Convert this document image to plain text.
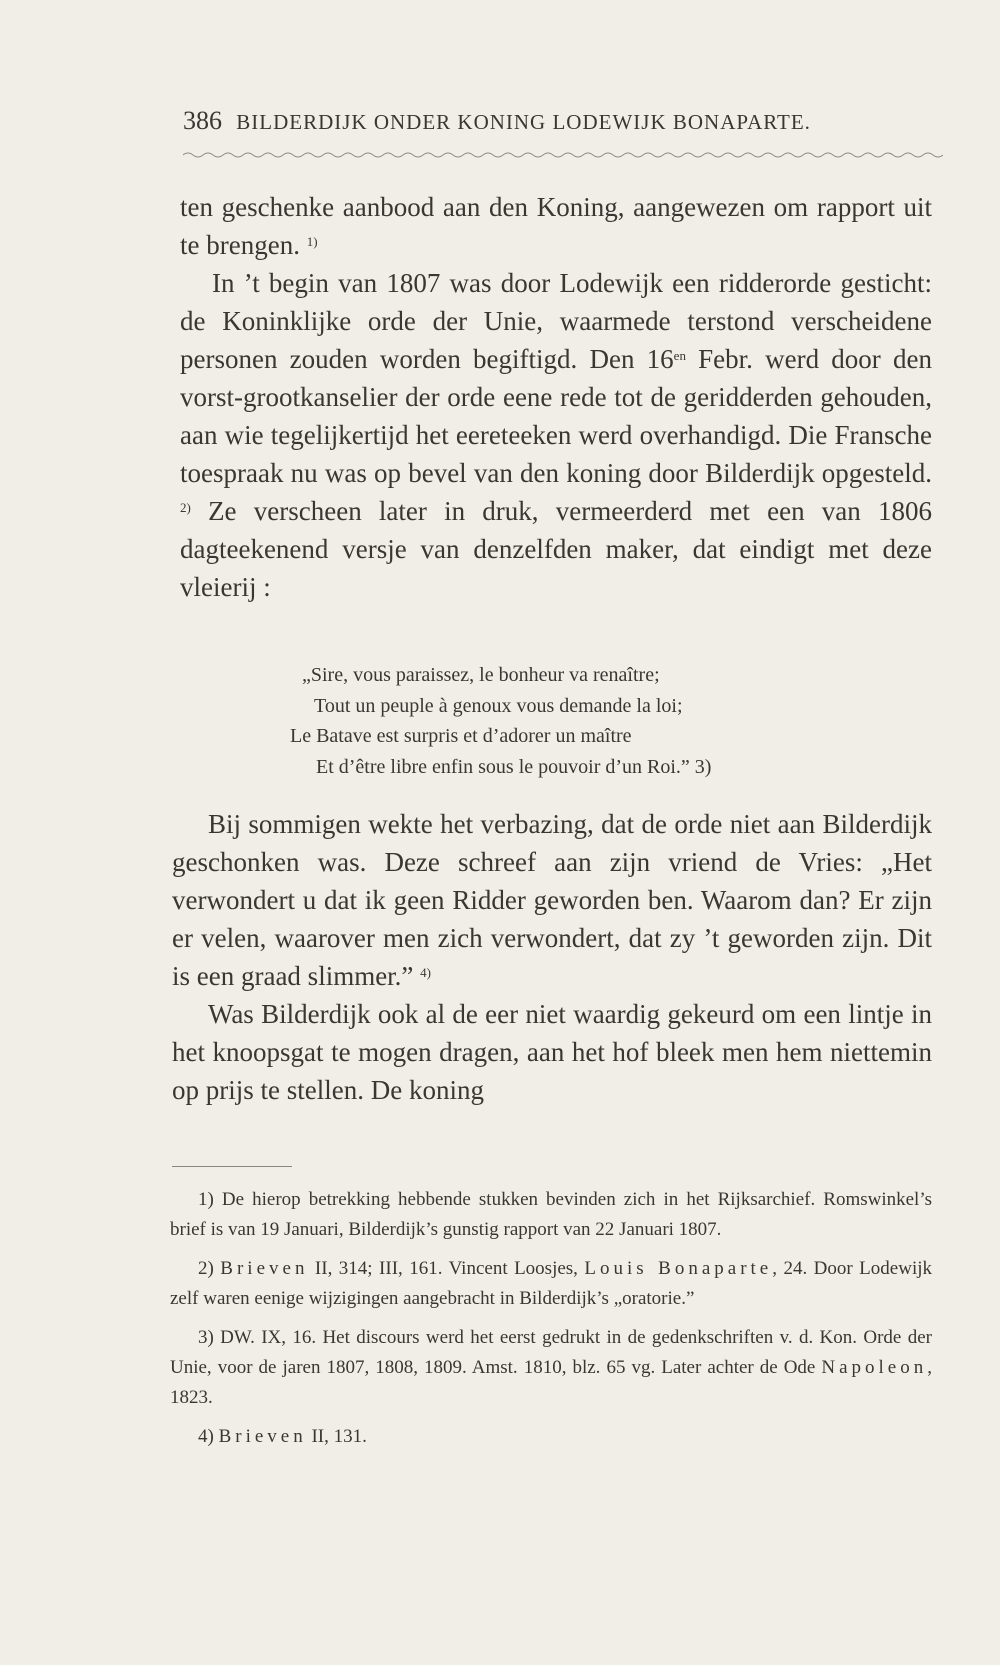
386 BILDERDIJK ONDER KONING LODEWIJK BONAPARTE.

ten geschenke aanbood aan den Koning, aangewezen om rapport uit te brengen. $^{1)}$

In ’t begin van 1807 was door Lodewijk een ridderorde gesticht: de Koninklijke orde der Unie, waarmede terstond verscheidene personen zouden worden begiftigd. Den $16^{en}$ Febr. werd door den vorst-grootkanselier der orde eene rede tot de geridderden gehouden, aan wie tegelijkertijd het eereteeken werd overhandigd. Die Fransche toespraak nu was op bevel van den koning door Bilderdijk opgesteld. $^{2)}$ Ze verscheen later in druk, vermeerderd met een van 1806 dagteekenend versje van denzelfden maker, dat eindigt met deze vleierij :

„Sire, vous paraissez, le bonheur va renaître;
Tout un peuple à genoux vous demande la loi;
Le Batave est surpris et d’adorer un maître
Et d’être libre enfin sous le pouvoir d’un Roi.” 3)

Bij sommigen wekte het verbazing, dat de orde niet aan Bilderdijk geschonken was. Deze schreef aan zijn vriend de Vries: „Het verwondert u dat ik geen Ridder geworden ben. Waarom dan? Er zijn er velen, waarover men zich verwondert, dat zy ’t geworden zijn. Dit is een graad slimmer.” $^{4)}$

Was Bilderdijk ook al de eer niet waardig gekeurd om een lintje in het knoopsgat te mogen dragen, aan het hof bleek men hem niettemin op prijs te stellen. De koning

1) De hierop betrekking hebbende stukken bevinden zich in het Rijksarchief. Romswinkel’s brief is van 19 Januari, Bilderdijk’s gunstig rapport van 22 Januari 1807.

2) Brieven II, 314; III, 161. Vincent Loosjes, Louis Bonaparte, 24. Door Lodewijk zelf waren eenige wijzigingen aangebracht in Bilderdijk’s „oratorie.”

3) DW. IX, 16. Het discours werd het eerst gedrukt in de gedenkschriften v. d. Kon. Orde der Unie, voor de jaren 1807, 1808, 1809. Amst. 1810, blz. 65 vg. Later achter de Ode Napoleon, 1823.

4) Brieven II, 131.
